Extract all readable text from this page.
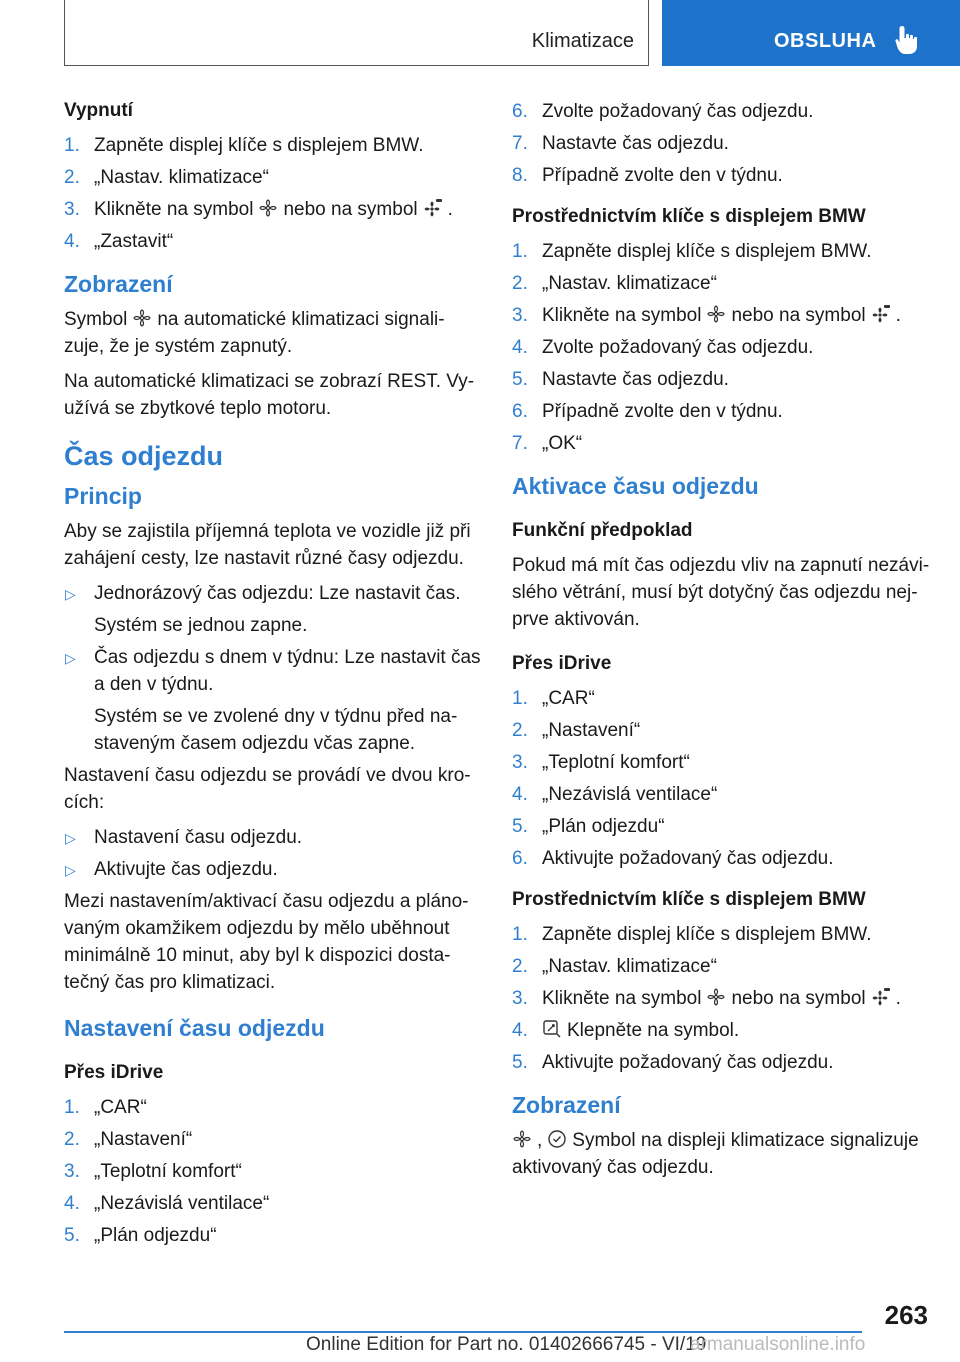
Klimatizace	OBSLUHA
Vypnutí
1. Zapněte displej klíče s displejem BMW.
2. „Nastav. klimatizace“
3. Klikněte na symbol nebo na symbol .
4. „Zastavit“
Zobrazení
Symbol na automatické klimatizaci signali-
zuje, že je systém zapnutý.
Na automatické klimatizaci se zobrazí REST. Vy-
užívá se zbytkové teplo motoru.
Čas odjezdu
Princip
Aby se zajistila příjemná teplota ve vozidle již při
zahájení cesty, lze nastavit různé časy odjezdu.
▷ Jednorázový čas odjezdu: Lze nastavit čas.
Systém se jednou zapne.
▷ Čas odjezdu s dnem v týdnu: Lze nastavit čas
a den v týdnu.
Systém se ve zvolené dny v týdnu před na-
staveným časem odjezdu včas zapne.
Nastavení času odjezdu se provádí ve dvou kro-
cích:
▷ Nastavení času odjezdu.
▷ Aktivujte čas odjezdu.
Mezi nastavením/aktivací času odjezdu a pláno-
vaným okamžikem odjezdu by mělo uběhnout
minimálně 10 minut, aby byl k dispozici dosta-
tečný čas pro klimatizaci.
Nastavení času odjezdu
Přes iDrive
1. „CAR“
2. „Nastavení“
3. „Teplotní komfort“
4. „Nezávislá ventilace“
5. „Plán odjezdu“
6. Zvolte požadovaný čas odjezdu.
7. Nastavte čas odjezdu.
8. Případně zvolte den v týdnu.
Prostřednictvím klíče s displejem BMW
1. Zapněte displej klíče s displejem BMW.
2. „Nastav. klimatizace“
3. Klikněte na symbol nebo na symbol .
4. Zvolte požadovaný čas odjezdu.
5. Nastavte čas odjezdu.
6. Případně zvolte den v týdnu.
7. „OK“
Aktivace času odjezdu
Funkční předpoklad
Pokud má mít čas odjezdu vliv na zapnutí nezávi-
slého větrání, musí být dotyčný čas odjezdu nej-
prve aktivován.
Přes iDrive
1. „CAR“
2. „Nastavení“
3. „Teplotní komfort“
4. „Nezávislá ventilace“
5. „Plán odjezdu“
6. Aktivujte požadovaný čas odjezdu.
Prostřednictvím klíče s displejem BMW
1. Zapněte displej klíče s displejem BMW.
2. „Nastav. klimatizace“
3. Klikněte na symbol nebo na symbol .
4. Klepněte na symbol.
5. Aktivujte požadovaný čas odjezdu.
Zobrazení
, Symbol na displeji klimatizace signalizuje
aktivovaný čas odjezdu.
263
Online Edition for Part no. 01402666745 - VI/19
armanualsonline.info
